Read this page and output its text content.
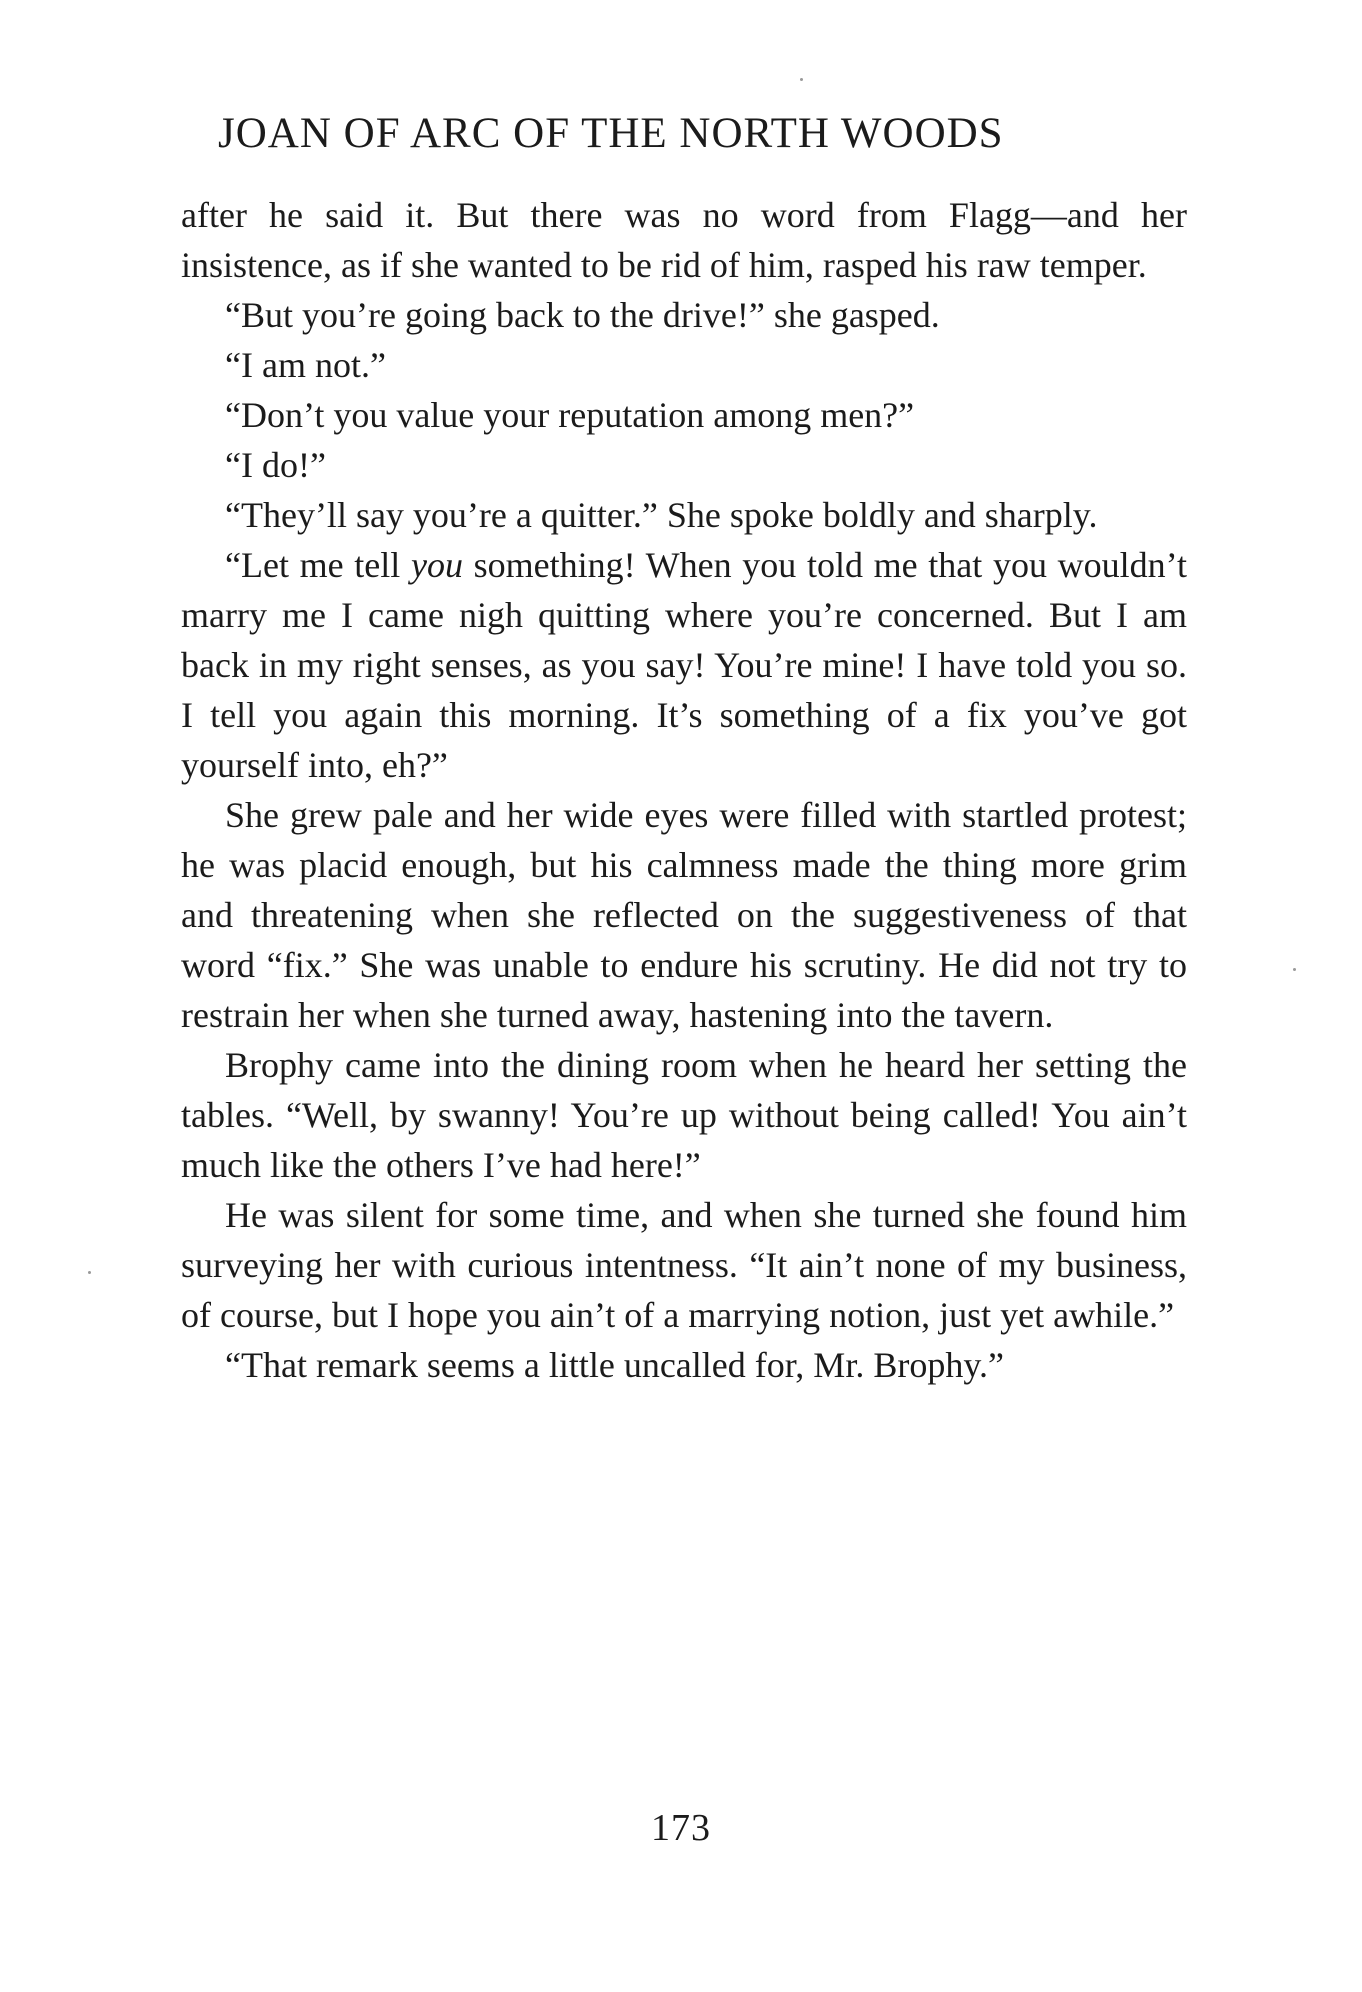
JOAN OF ARC OF THE NORTH WOODS

after he said it. But there was no word from Flagg—and her insistence, as if she wanted to be rid of him, rasped his raw temper.

“But you’re going back to the drive!” she gasped.

“I am not.”

“Don’t you value your reputation among men?”

“I do!”

“They’ll say you’re a quitter.” She spoke boldly and sharply.

“Let me tell you something! When you told me that you wouldn’t marry me I came nigh quitting where you’re concerned. But I am back in my right senses, as you say! You’re mine! I have told you so. I tell you again this morning. It’s something of a fix you’ve got yourself into, eh?”

She grew pale and her wide eyes were filled with startled protest; he was placid enough, but his calmness made the thing more grim and threatening when she reflected on the suggestiveness of that word “fix.” She was unable to endure his scrutiny. He did not try to restrain her when she turned away, hastening into the tavern.

Brophy came into the dining room when he heard her setting the tables. “Well, by swanny! You’re up without being called! You ain’t much like the others I’ve had here!”

He was silent for some time, and when she turned she found him surveying her with curious intentness. “It ain’t none of my business, of course, but I hope you ain’t of a marrying notion, just yet awhile.”

“That remark seems a little uncalled for, Mr. Brophy.”

173
